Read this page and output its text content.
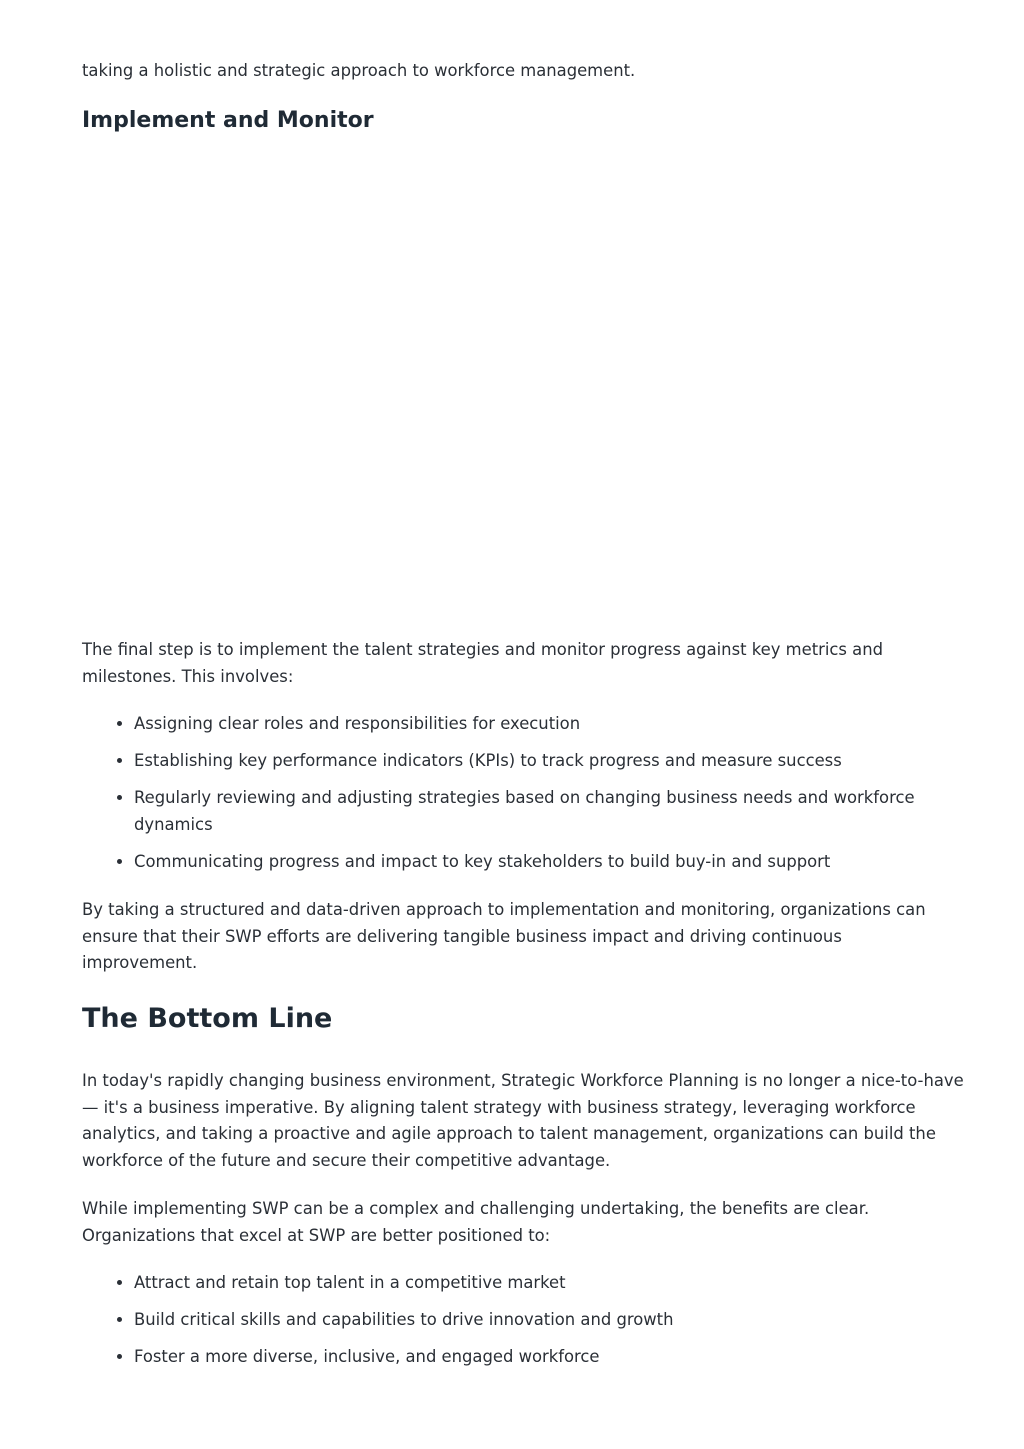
taking a holistic and strategic approach to workforce management.

Implement and Monitor

The final step is to implement the talent strategies and monitor progress against key metrics and milestones. This involves:

• Assigning clear roles and responsibilities for execution
• Establishing key performance indicators (KPIs) to track progress and measure success
• Regularly reviewing and adjusting strategies based on changing business needs and workforce dynamics
• Communicating progress and impact to key stakeholders to build buy-in and support

By taking a structured and data-driven approach to implementation and monitoring, organizations can ensure that their SWP efforts are delivering tangible business impact and driving continuous improvement.

The Bottom Line

In today's rapidly changing business environment, Strategic Workforce Planning is no longer a nice-to-have — it's a business imperative. By aligning talent strategy with business strategy, leveraging workforce analytics, and taking a proactive and agile approach to talent management, organizations can build the workforce of the future and secure their competitive advantage.

While implementing SWP can be a complex and challenging undertaking, the benefits are clear. Organizations that excel at SWP are better positioned to:

• Attract and retain top talent in a competitive market
• Build critical skills and capabilities to drive innovation and growth
• Foster a more diverse, inclusive, and engaged workforce
